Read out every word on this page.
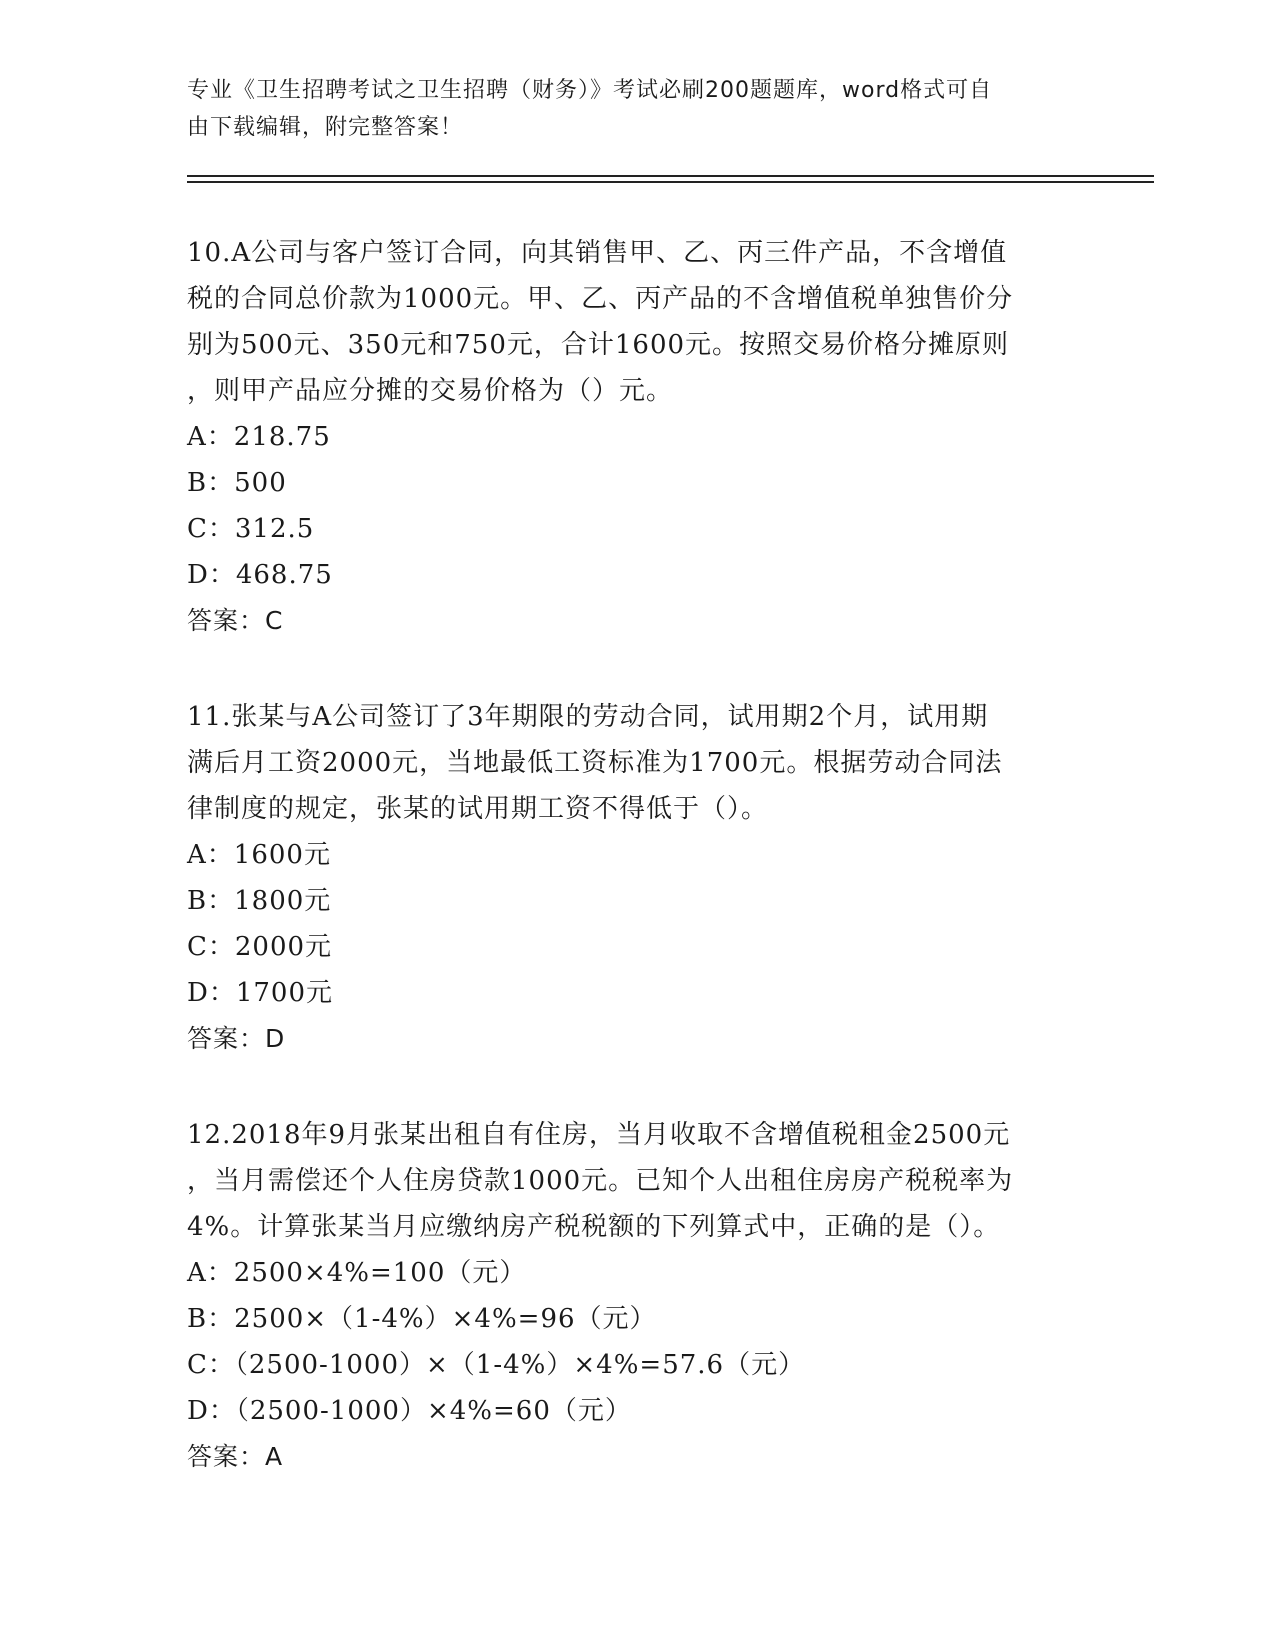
专业《卫生招聘考试之卫生招聘（财务）》考试必刷200题题库，word格式可自
由下载编辑，附完整答案！

10.A公司与客户签订合同，向其销售甲、乙、丙三件产品，不含增值
税的合同总价款为1000元。甲、乙、丙产品的不含增值税单独售价分
别为500元、350元和750元，合计1600元。按照交易价格分摊原则
，则甲产品应分摊的交易价格为（）元。

A：218.75
B：500
C：312.5
D：468.75
答案：C

11.张某与A公司签订了3年期限的劳动合同，试用期2个月，试用期
满后月工资2000元，当地最低工资标准为1700元。根据劳动合同法
律制度的规定，张某的试用期工资不得低于（）。

A：1600元
B：1800元
C：2000元
D：1700元
答案：D

12.2018年9月张某出租自有住房，当月收取不含增值税租金2500元
，当月需偿还个人住房贷款1000元。已知个人出租住房房产税税率为
4%。计算张某当月应缴纳房产税税额的下列算式中，正确的是（）。

A：2500×4%=100（元）
B：2500×（1-4%）×4%=96（元）
C：（2500-1000）×（1-4%）×4%=57.6（元）
D：（2500-1000）×4%=60（元）
答案：A
